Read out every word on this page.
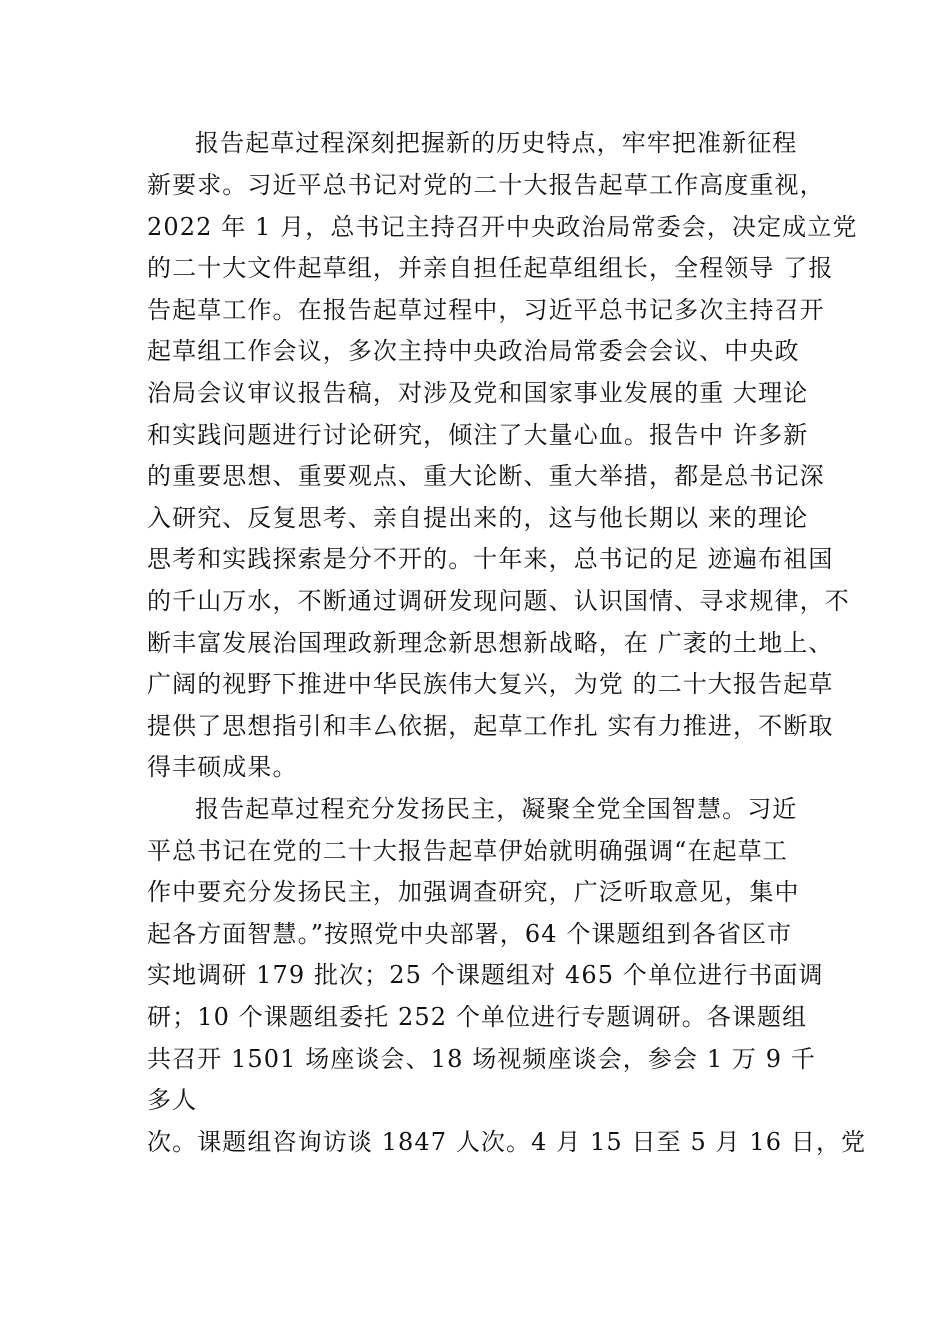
报告起草过程深刻把握新的历史特点，牢牢把准新征程
新要求。习近平总书记对党的二十大报告起草工作高度重视，
2022 年 1 月，总书记主持召开中央政治局常委会，决定成立党
的二十大文件起草组，并亲自担任起草组组长，全程领导 了报
告起草工作。在报告起草过程中，习近平总书记多次主持召开
起草组工作会议，多次主持中央政治局常委会会议、中央政
治局会议审议报告稿，对涉及党和国家事业发展的重 大理论
和实践问题进行讨论研究，倾注了大量心血。报告中 许多新
的重要思想、重要观点、重大论断、重大举措，都是总书记深
入研究、反复思考、亲自提出来的，这与他长期以 来的理论
思考和实践探索是分不开的。十年来，总书记的足 迹遍布祖国
的千山万水，不断通过调研发现问题、认识国情、寻求规律，不
断丰富发展治国理政新理念新思想新战略，在 广袤的土地上、
广阔的视野下推进中华民族伟大复兴，为党 的二十大报告起草
提供了思想指引和丰厶依据，起草工作扎 实有力推进，不断取
得丰硕成果。
报告起草过程充分发扬民主，凝聚全党全国智慧。习近
平总书记在党的二十大报告起草伊始就明确强调“在起草工
作中要充分发扬民主，加强调查研究，广泛听取意见，集中
起各方面智慧。”按照党中央部署，64 个课题组到各省区市
实地调研 179 批次；25 个课题组对 465 个单位进行书面调
研；10 个课题组委托 252 个单位进行专题调研。各课题组
共召开 1501 场座谈会、18 场视频座谈会，参会 1 万 9 千
多人
次。课题组咨询访谈 1847 人次。4 月 15 日至 5 月 16 日，党
